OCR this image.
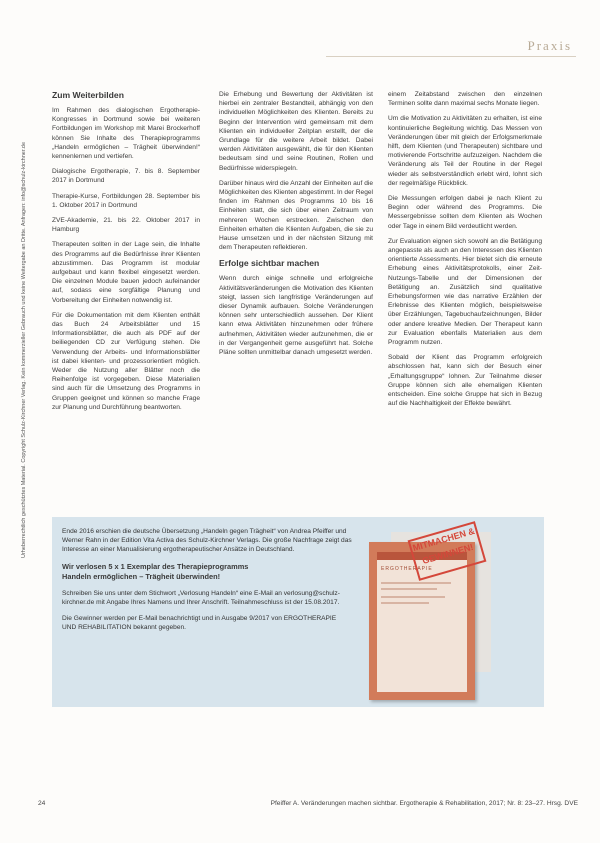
Praxis
Urheberrechtlich geschütztes Material. Copyright Schulz-Kirchner Verlag. Kein kommerzieller Gebrauch und keine Weitergabe an Dritte. Anfragen: info@schulz-kirchner.de
Zum Weiterbilden

Im Rahmen des dialogischen Ergotherapie-Kongresses in Dortmund sowie bei weiteren Fortbildungen im Workshop mit Marei Brockerhoff können Sie Inhalte des Therapieprogramms „Handeln ermöglichen – Trägheit überwinden!“ kennenlernen und vertiefen.

Dialogische Ergotherapie, 7. bis 8. September 2017 in Dortmund

Therapie-Kurse, Fortbildungen 28. September bis 1. Oktober 2017 in Dortmund

ZVE-Akademie, 21. bis 22. Oktober 2017 in Hamburg

Therapeuten sollten in der Lage sein, die Inhalte des Programms auf die Bedürfnisse ihrer Klienten abzustimmen. Das Programm ist modular aufgebaut und kann flexibel eingesetzt werden. Die einzelnen Module bauen jedoch aufeinander auf, sodass eine sorgfältige Planung und Vorbereitung der Einheiten notwendig ist.

Für die Dokumentation mit dem Klienten enthält das Buch 24 Arbeitsblätter und 15 Informationsblätter, die auch als PDF auf der beiliegenden CD zur Verfügung stehen. Die Verwendung der Arbeits- und Informationsblätter ist dabei klienten- und prozessorientiert möglich. Weder die Nutzung aller Blätter noch die Reihenfolge ist vorgegeben. Diese Materialien sind auch für die Umsetzung des Programms in Gruppen geeignet und können so manche Frage zur Planung und Durchführung beantworten.

Die Erhebung und Bewertung der Aktivitäten ist hierbei ein zentraler Bestandteil, abhängig von den individuellen Möglichkeiten des Klienten. Bereits zu Beginn der Intervention wird gemeinsam mit dem Klienten ein individueller Zeitplan erstellt, der die Grundlage für die weitere Arbeit bildet. Dabei werden Aktivitäten ausgewählt, die für den Klienten bedeutsam sind und seine Routinen, Rollen und Bedürfnisse widerspiegeln.

Darüber hinaus wird die Anzahl der Einheiten auf die Möglichkeiten des Klienten abgestimmt. In der Regel finden im Rahmen des Programms 10 bis 16 Einheiten statt, die sich über einen Zeitraum von mehreren Wochen erstrecken. Zwischen den Einheiten erhalten die Klienten Aufgaben, die sie zu Hause umsetzen und in der nächsten Sitzung mit dem Therapeuten reflektieren.

Erfolge sichtbar machen

Wenn durch einige schnelle und erfolgreiche Aktivitätsveränderungen die Motivation des Klienten steigt, lassen sich langfristige Veränderungen auf dieser Dynamik aufbauen. Solche Veränderungen können sehr unterschiedlich aussehen. Der Klient kann etwa Aktivitäten hinzunehmen oder frühere aufnehmen, Aktivitäten wieder aufzunehmen, die er in der Vergangenheit gerne ausgeführt hat. Solche Pläne sollten unmittelbar danach umgesetzt werden.

einem Zeitabstand zwischen den einzelnen Terminen sollte dann maximal sechs Monate liegen.

Um die Motivation zu Aktivitäten zu erhalten, ist eine kontinuierliche Begleitung wichtig. Das Messen von Veränderungen über mit gleich der Erfolgsmerkmale hilft, dem Klienten (und Therapeuten) sichtbare und motivierende Fortschritte aufzuzeigen. Nachdem die Veränderung als Teil der Routine in der Regel wieder als selbstverständlich erlebt wird, lohnt sich der regelmäßige Rückblick.

Die Messungen erfolgen dabei je nach Klient zu Beginn oder während des Programms. Die Messergebnisse sollten dem Klienten als Wochen oder Tage in einem Bild verdeutlicht werden.

Zur Evaluation eignen sich sowohl an die Betätigung angepasste als auch an den Interessen des Klienten orientierte Assessments. Hier bietet sich die erneute Erhebung eines Aktivitätsprotokolls, einer Zeit-Nutzungs-Tabelle und der Dimensionen der Betätigung an. Zusätzlich sind qualitative Erhebungsformen wie das narrative Erzählen der Erlebnisse des Klienten möglich, beispielsweise über Erzählungen, Tagebuchaufzeichnungen, Bilder oder andere kreative Medien. Der Therapeut kann zur Evaluation ebenfalls Materialien aus dem Programm nutzen.

Sobald der Klient das Programm erfolgreich abschlossen hat, kann sich der Besuch einer „Erhaltungsgruppe“ lohnen. Zur Teilnahme dieser Gruppe können sich alle ehemaligen Klienten entscheiden. Eine solche Gruppe hat sich in Bezug auf die Nachhaltigkeit der Effekte bewährt.

Ende 2016 erschien die deutsche Übersetzung „Handeln gegen Trägheit“ von Andrea Pfeiffer und Werner Rahn in der Edition Vita Activa des Schulz-Kirchner Verlags. Die große Nachfrage zeigt das Interesse an einer Manualisierung ergotherapeutischer Ansätze in Deutschland.

Wir verlosen 5 x 1 Exemplar des Therapieprogramms
Handeln ermöglichen – Trägheit überwinden!

Schreiben Sie uns unter dem Stichwort „Verlosung Handeln“ eine E-Mail an verlosung@schulz-kirchner.de mit Angabe Ihres Namens und Ihrer Anschrift. Teilnahmeschluss ist der 15.08.2017.

Die Gewinner werden per E-Mail benachrichtigt und in Ausgabe 9/2017 von ERGOTHERAPIE UND REHABILITATION bekannt gegeben.

ERGOTHERAPIE
MITMACHEN & GEWINNEN!
24	Pfeiffer A. Veränderungen machen sichtbar. Ergotherapie & Rehabilitation, 2017; Nr. 8: 23–27. Hrsg. DVE
